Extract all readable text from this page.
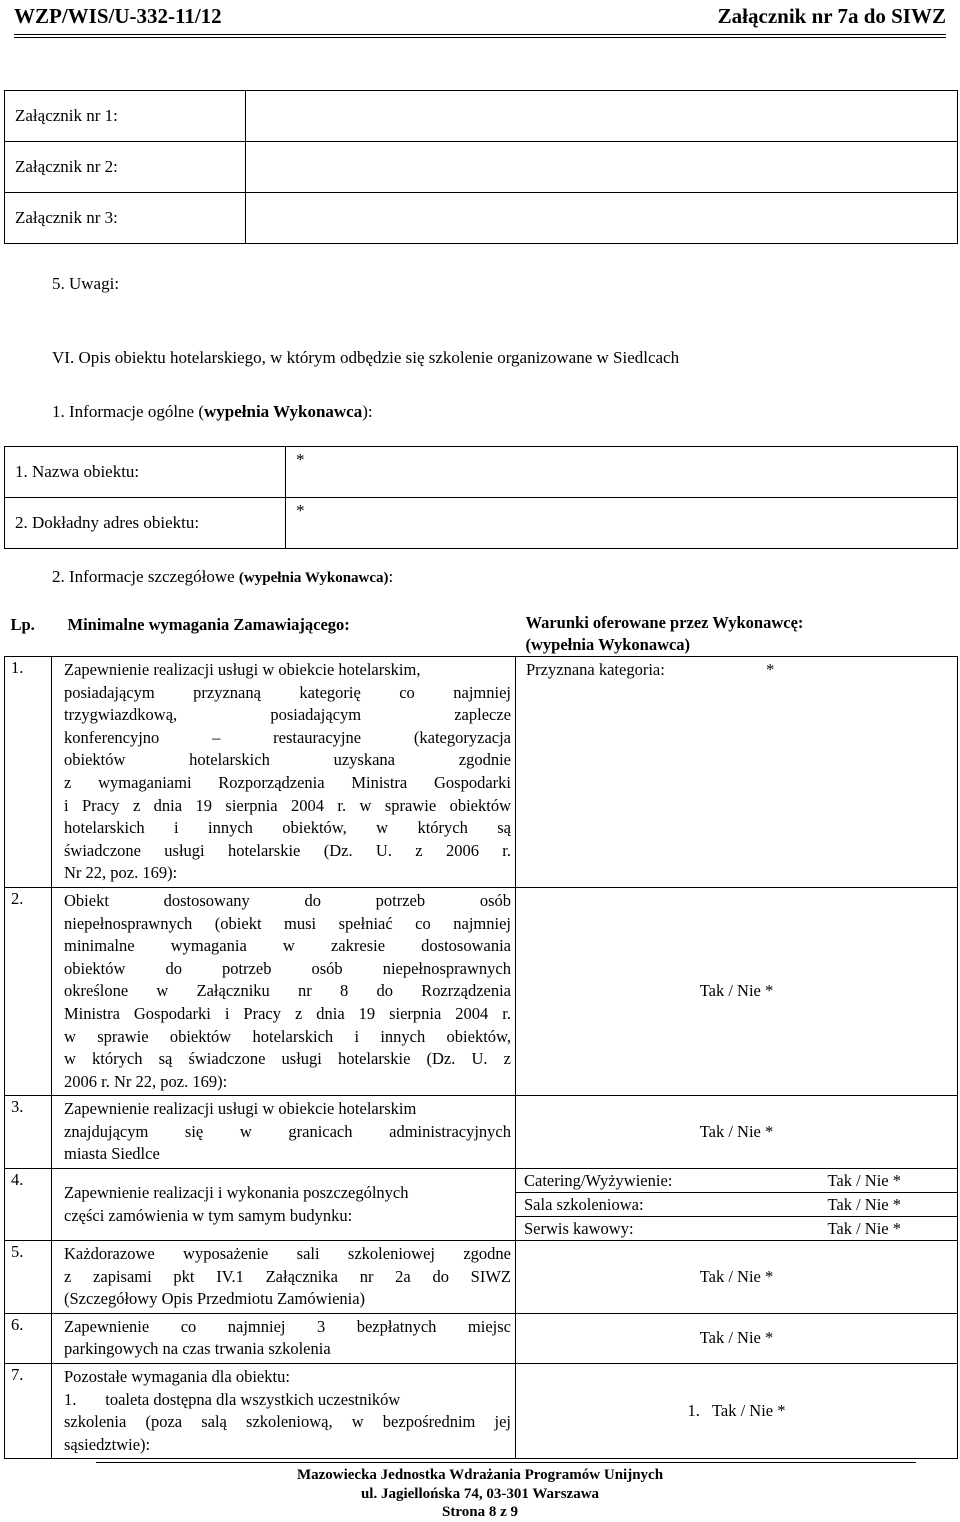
WZP/WIS/U-332-11/12	Załącznik nr 7a do SIWZ
Załącznik nr 1:	
Załącznik nr 2:	
Załącznik nr 3:	
5. Uwagi:
VI. Opis obiektu hotelarskiego, w którym odbędzie się szkolenie organizowane w Siedlcach
1. Informacje ogólne (wypełnia Wykonawca):
1. Nazwa obiektu:	*
2. Dokładny adres obiektu:	*
2. Informacje szczegółowe (wypełnia Wykonawca):
Lp.	Minimalne wymagania Zamawiającego:	Warunki oferowane przez Wykonawcę:
(wypełnia Wykonawca)

1.	Zapewnienie realizacji usługi w obiekcie hotelarskim,
posiadającym przyznaną kategorię co najmniej
trzygwiazdkową, posiadającym zaplecze
konferencyjno – restauracyjne (kategoryzacja
obiektów hotelarskich uzyskana zgodnie
z wymaganiami Rozporządzenia Ministra Gospodarki
i Pracy z dnia 19 sierpnia 2004 r. w sprawie obiektów
hotelarskich i innych obiektów, w których są
świadczone usługi hotelarskie (Dz. U. z 2006 r.
Nr 22, poz. 169):
	Przyznana kategoria:	*

2.	Obiekt dostosowany do potrzeb osób
niepełnosprawnych (obiekt musi spełniać co najmniej
minimalne wymagania w zakresie dostosowania
obiektów do potrzeb osób niepełnosprawnych
określone w Załączniku nr 8 do Rozrządzenia
Ministra Gospodarki i Pracy z dnia 19 sierpnia 2004 r.
w sprawie obiektów hotelarskich i innych obiektów,
w których są świadczone usługi hotelarskie (Dz. U. z
2006 r. Nr 22, poz. 169):
	Tak / Nie *
3.	Zapewnienie realizacji usługi w obiekcie hotelarskim
znajdującym się w granicach administracyjnych
miasta Siedlce
	Tak / Nie *
4.	
Zapewnienie realizacji i wykonania poszczególnych
części zamówienia w tym samym budynku:

Catering/Wyżywienie:	Tak / Nie *
Sala szkoleniowa:	Tak / Nie *
Serwis kawowy:	Tak / Nie *

5.	Każdorazowe wyposażenie sali szkoleniowej zgodne
z zapisami pkt IV.1 Załącznika nr 2a do SIWZ
(Szczegółowy Opis Przedmiotu Zamówienia)
	Tak / Nie *
6.	Zapewnienie co najmniej 3 bezpłatnych miejsc
parkingowych na czas trwania szkolenia
	Tak / Nie *
7.	Pozostałe wymagania dla obiektu:
1.       toaleta dostępna dla wszystkich uczestników
szkolenia (poza salą szkoleniową, w bezpośrednim jej
sąsiedztwie):
	1.   Tak / Nie *
Mazowiecka Jednostka Wdrażania Programów Unijnych
ul. Jagiellońska 74, 03-301 Warszawa
Strona 8 z 9
